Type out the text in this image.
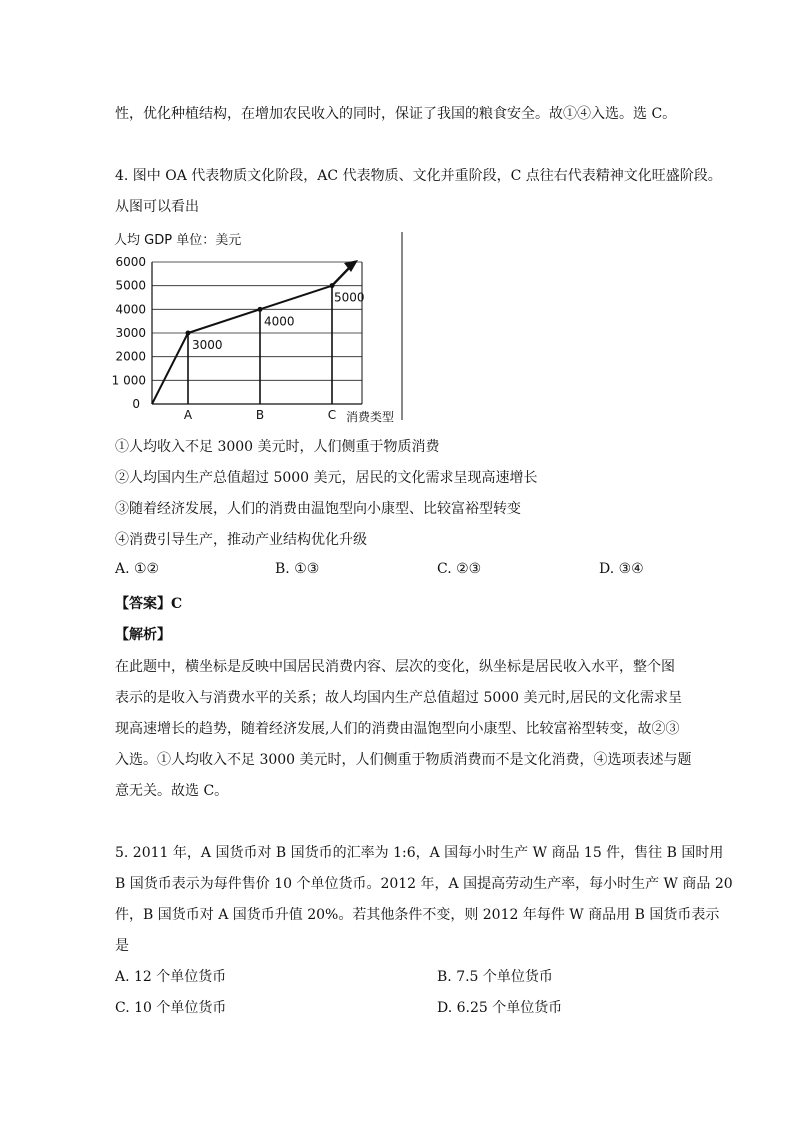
性，优化种植结构，在增加农民收入的同时，保证了我国的粮食安全。故①④入选。选 C。
4. 图中 OA 代表物质文化阶段，AC 代表物质、文化并重阶段，C 点往右代表精神文化旺盛阶段。
从图可以看出
人均 GDP 单位：美元
1 000
2000
3000
4000
5000
6000
0
A	B	C 消费类型
3000
4000
5000
①人均收入不足 3000 美元时，人们侧重于物质消费
②人均国内生产总值超过 5000 美元，居民的文化需求呈现高速增长
③随着经济发展，人们的消费由温饱型向小康型、比较富裕型转变
④消费引导生产，推动产业结构优化升级
A. ①②	B. ①③	C. ②③	D. ③④
【答案】C
【解析】
在此题中，横坐标是反映中国居民消费内容、层次的变化，纵坐标是居民收入水平，整个图
表示的是收入与消费水平的关系；故人均国内生产总值超过 5000 美元时,居民的文化需求呈
现高速增长的趋势，随着经济发展,人们的消费由温饱型向小康型、比较富裕型转变，故②③
入选。①人均收入不足 3000 美元时，人们侧重于物质消费而不是文化消费，④选项表述与题
意无关。故选 C。
5. 2011 年，A 国货币对 B 国货币的汇率为 1:6，A 国每小时生产 W 商品 15 件，售往 B 国时用
B 国货币表示为每件售价 10 个单位货币。2012 年，A 国提高劳动生产率，每小时生产 W 商品 20
件，B 国货币对 A 国货币升值 20%。若其他条件不变，则 2012 年每件 W 商品用 B 国货币表示
是
A. 12 个单位货币	B. 7.5 个单位货币
C. 10 个单位货币	D. 6.25 个单位货币
